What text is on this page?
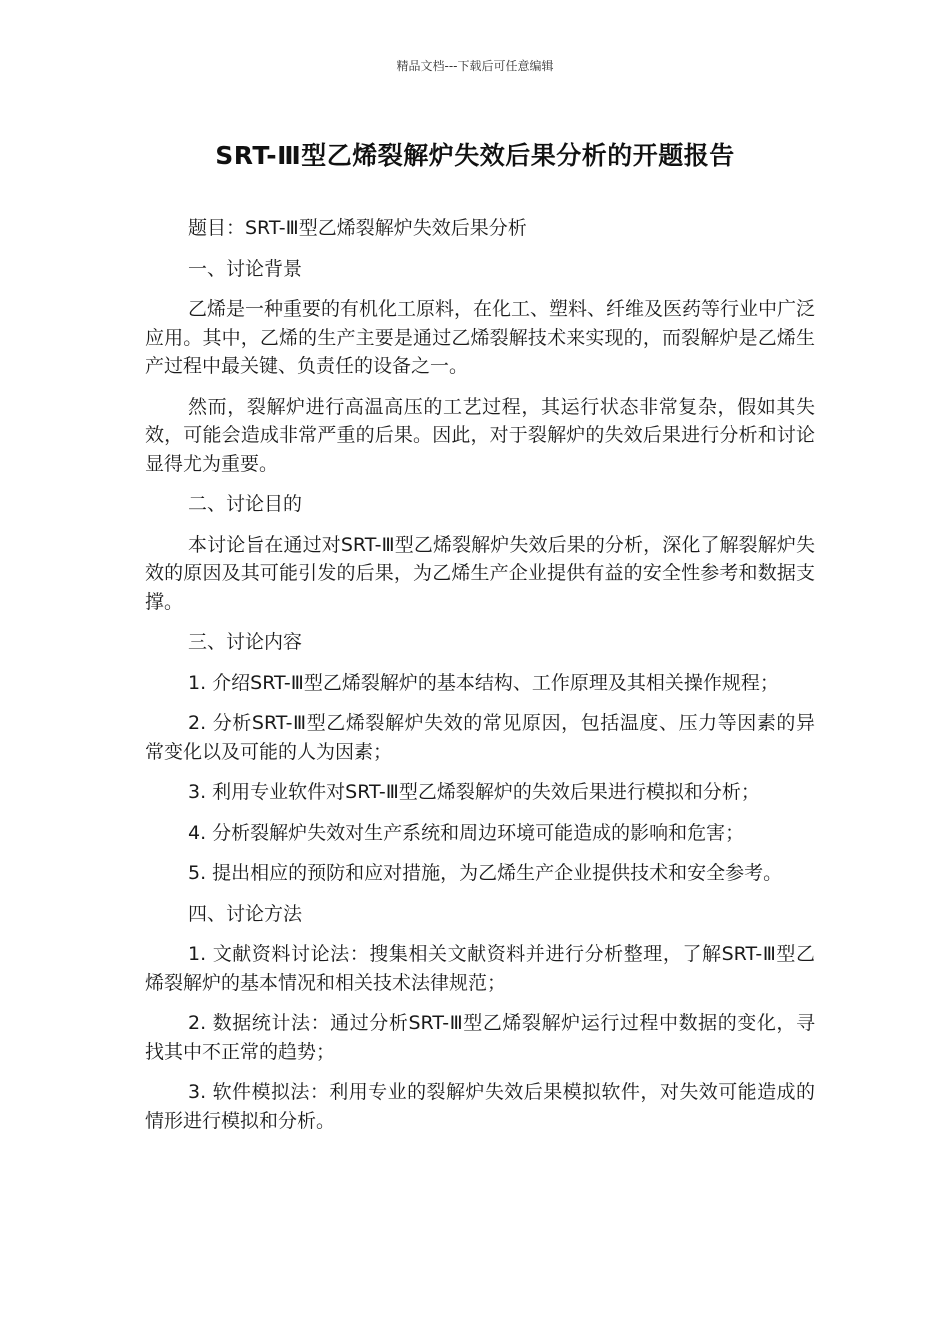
精品文档---下载后可任意编辑
SRT-Ⅲ型乙烯裂解炉失效后果分析的开题报告

题目：SRT-Ⅲ型乙烯裂解炉失效后果分析

一、讨论背景

乙烯是一种重要的有机化工原料，在化工、塑料、纤维及医药等行业中广泛应用。其中，乙烯的生产主要是通过乙烯裂解技术来实现的，而裂解炉是乙烯生产过程中最关键、负责任的设备之一。

然而，裂解炉进行高温高压的工艺过程，其运行状态非常复杂，假如其失效，可能会造成非常严重的后果。因此，对于裂解炉的失效后果进行分析和讨论显得尤为重要。

二、讨论目的

本讨论旨在通过对SRT-Ⅲ型乙烯裂解炉失效后果的分析，深化了解裂解炉失效的原因及其可能引发的后果，为乙烯生产企业提供有益的安全性参考和数据支撑。

三、讨论内容

1. 介绍SRT-Ⅲ型乙烯裂解炉的基本结构、工作原理及其相关操作规程；

2. 分析SRT-Ⅲ型乙烯裂解炉失效的常见原因，包括温度、压力等因素的异常变化以及可能的人为因素；

3. 利用专业软件对SRT-Ⅲ型乙烯裂解炉的失效后果进行模拟和分析；

4. 分析裂解炉失效对生产系统和周边环境可能造成的影响和危害；

5. 提出相应的预防和应对措施，为乙烯生产企业提供技术和安全参考。

四、讨论方法

1. 文献资料讨论法：搜集相关文献资料并进行分析整理，了解SRT-Ⅲ型乙烯裂解炉的基本情况和相关技术法律规范；

2. 数据统计法：通过分析SRT-Ⅲ型乙烯裂解炉运行过程中数据的变化，寻找其中不正常的趋势；

3. 软件模拟法：利用专业的裂解炉失效后果模拟软件，对失效可能造成的情形进行模拟和分析。
